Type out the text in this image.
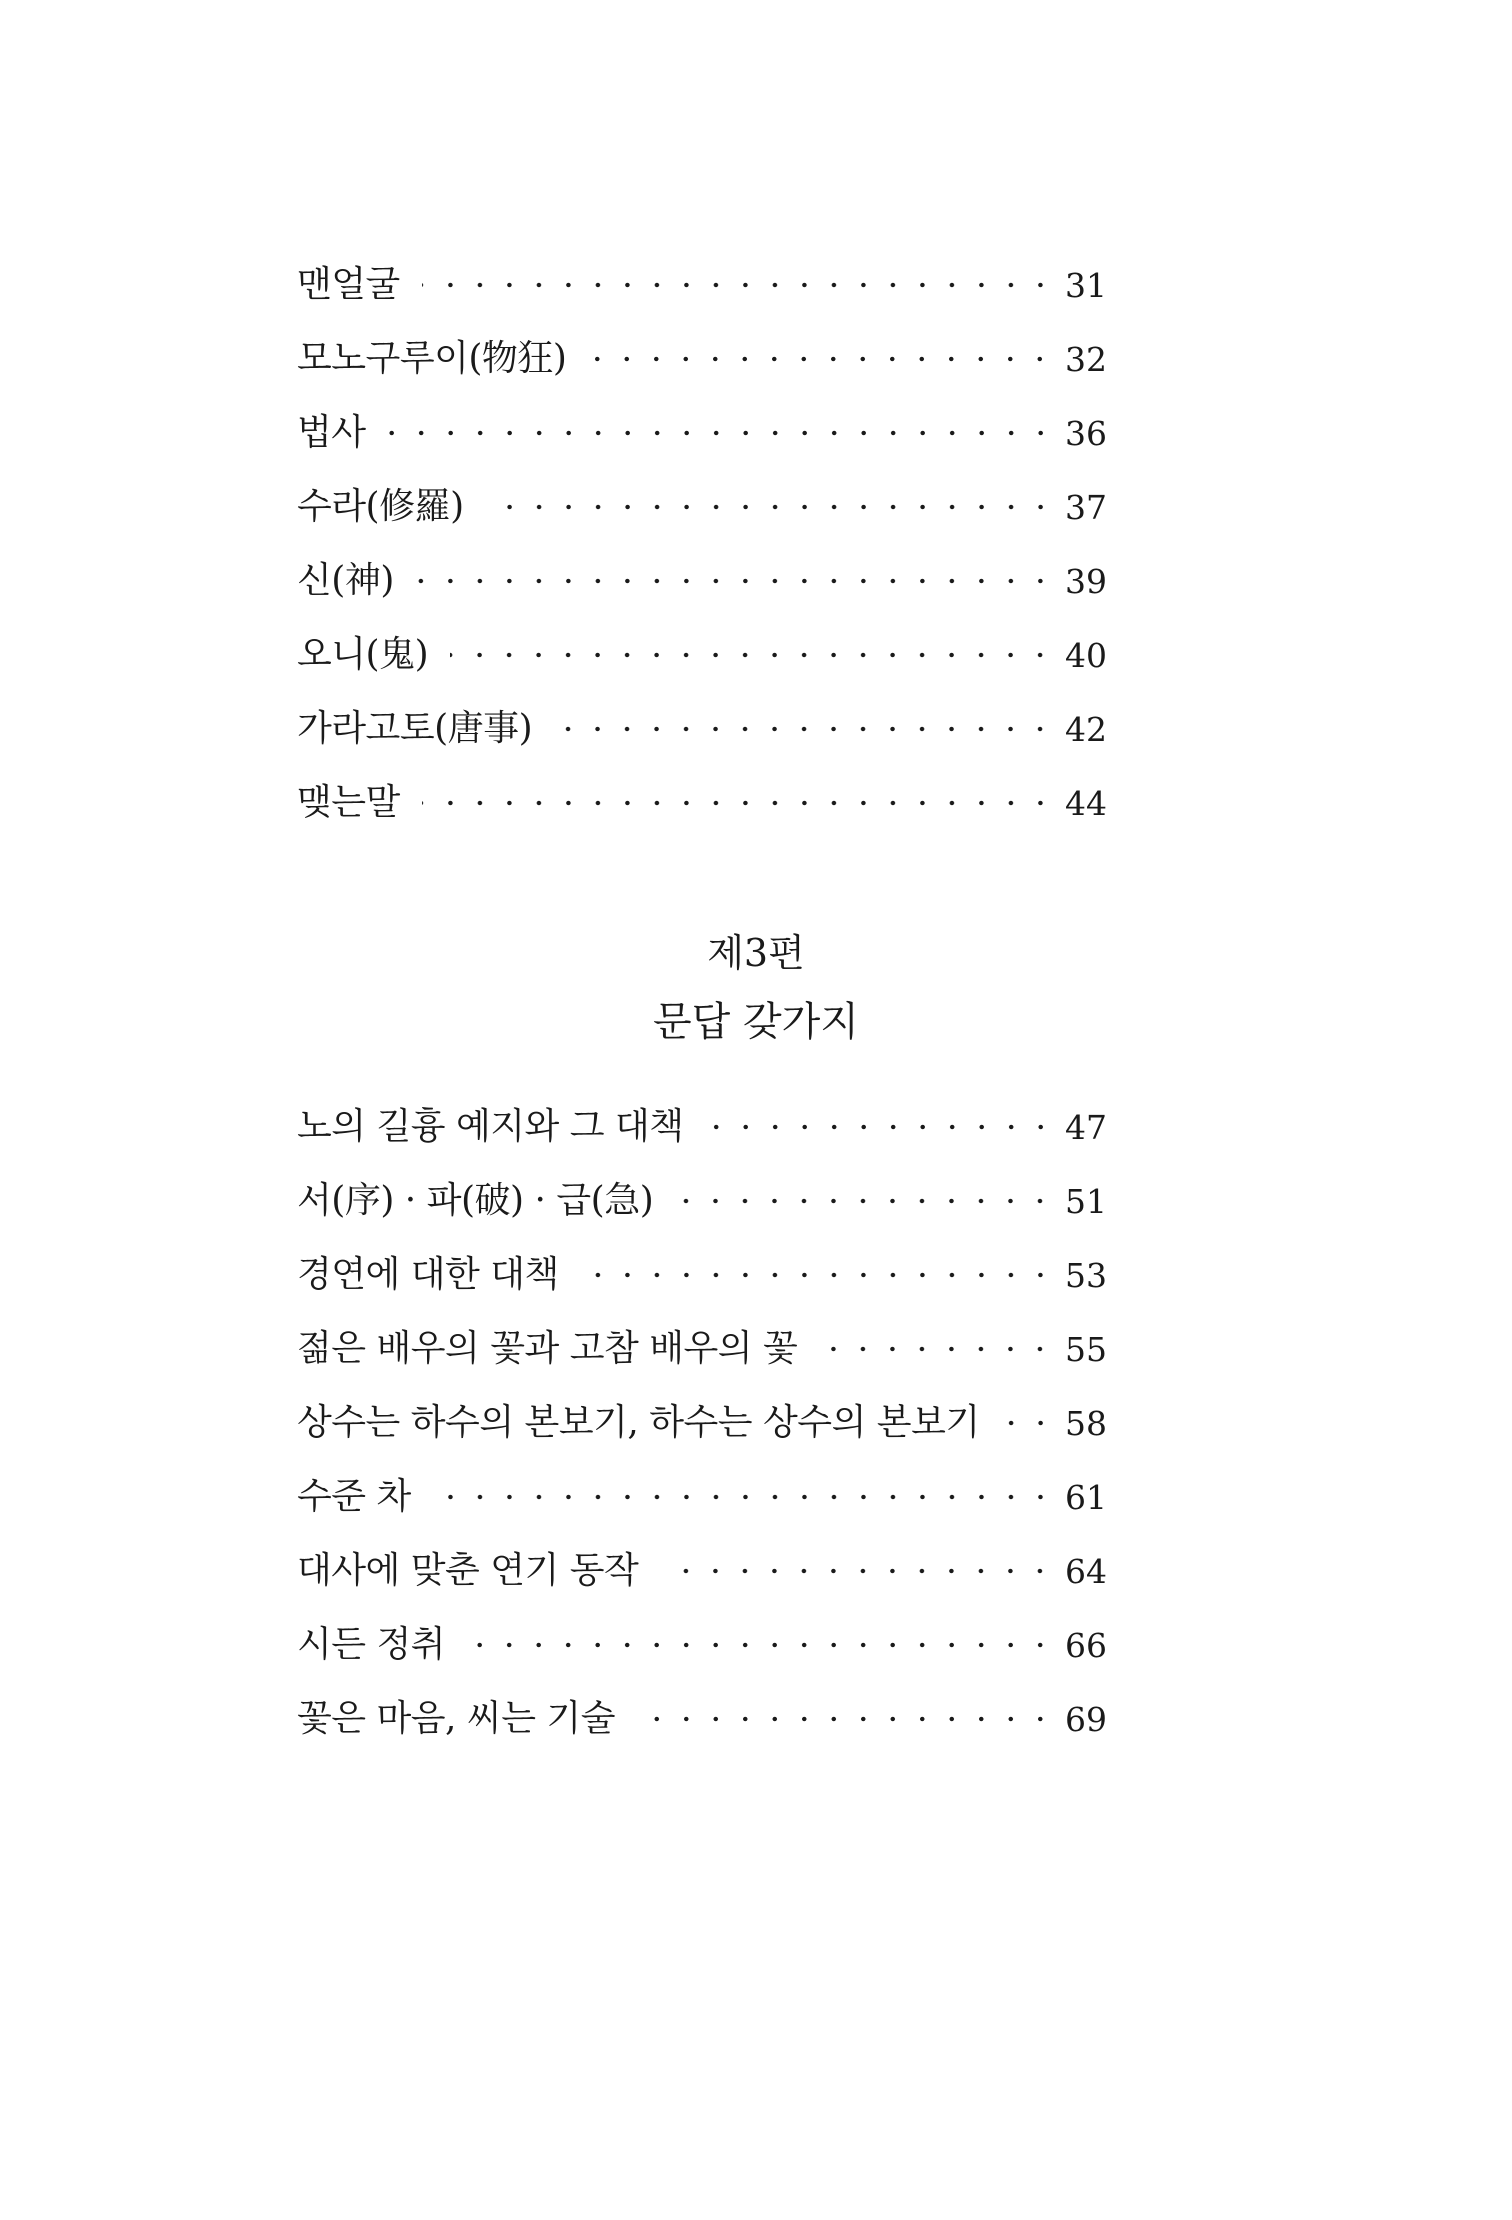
맨얼굴	31
모노구루이(物狂)	32
법사	36
수라(修羅)	37
신(神)	39
오니(鬼)	40
가라고토(唐事)	42
맺는말	44
제3편
문답 갖가지
노의 길흉 예지와 그 대책	47
서(序) · 파(破) · 급(急)	51
경연에 대한 대책	53
젊은 배우의 꽃과 고참 배우의 꽃	55
상수는 하수의 본보기, 하수는 상수의 본보기	58
수준 차	61
대사에 맞춘 연기 동작	64
시든 정취	66
꽃은 마음, 씨는 기술	69
